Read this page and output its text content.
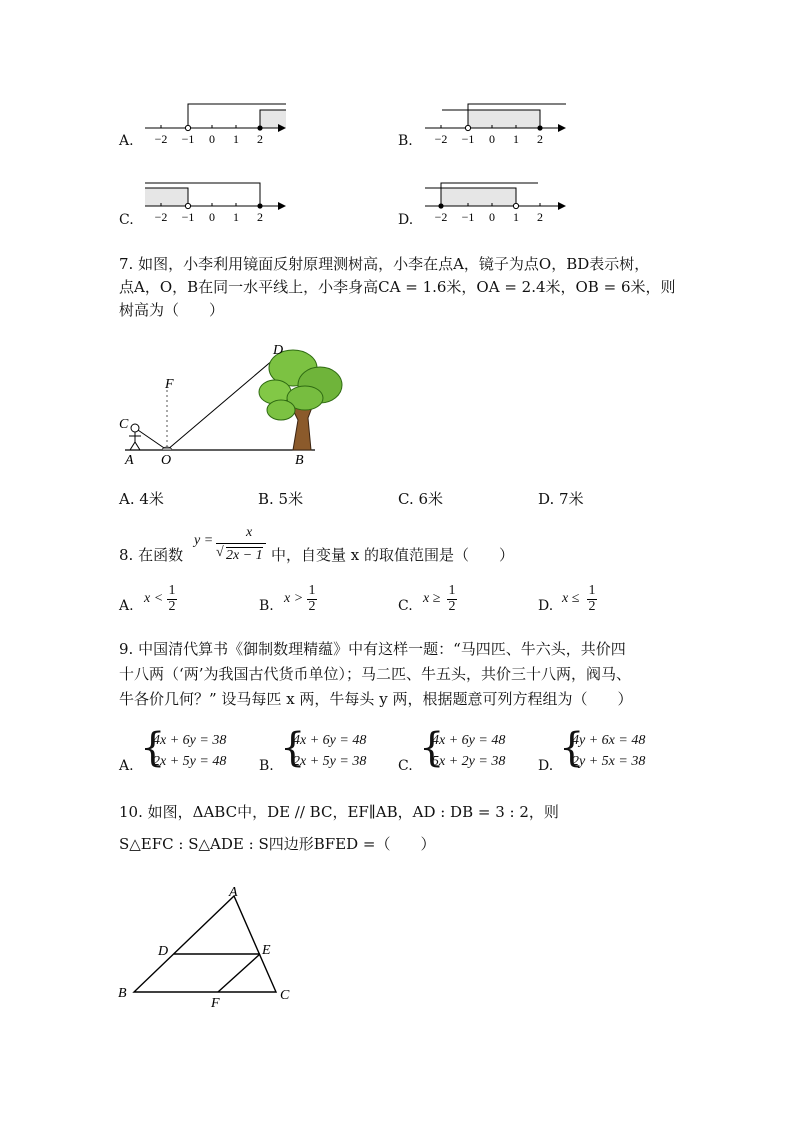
A. −2 −1 0 1 2	B. −2 −1 0 1 2
C. −2 −1 0 1 2	D. −2 −1 0 1 2
7. 如图，小李利用镜面反射原理测树高，小李在点A，镜子为点O，BD表示树，
点A，O，B在同一水平线上，小李身高CA = 1.6米，OA = 2.4米，OB = 6米，则
树高为（　　）
D
F
C
A O	B
A. 4米	B. 5米	C. 6米	D. 7米
8. 在函数
y =
x
√ 2x − 1 中，自变量 x 的取值范围是（　　）
A. x <
1
2	B. x >
1
2	C. x ≥
1
2	D. x ≤
1
2
9. 中国清代算书《御制数理精蕴》中有这样一题：“马四匹、牛六头，共价四
十八两（‘两’为我国古代货币单位）；马二匹、牛五头，共价三十八两，阀马、
牛各价几何？” 设马每匹 x 两，牛每头 y 两，根据题意可列方程组为（　　）
A. {
4x + 6y = 38
2x + 5y = 48 B. {
4x + 6y = 48
2x + 5y = 38 C. {
4x + 6y = 48
5x + 2y = 38 D. {
4y + 6x = 48
2y + 5x = 38
10. 如图，ΔABC中，DE // BC，EF∥AB，AD : DB = 3 : 2，则
S△EFC : S△ADE : S四边形BFED =（　　）
A
B	C
D	E
F
